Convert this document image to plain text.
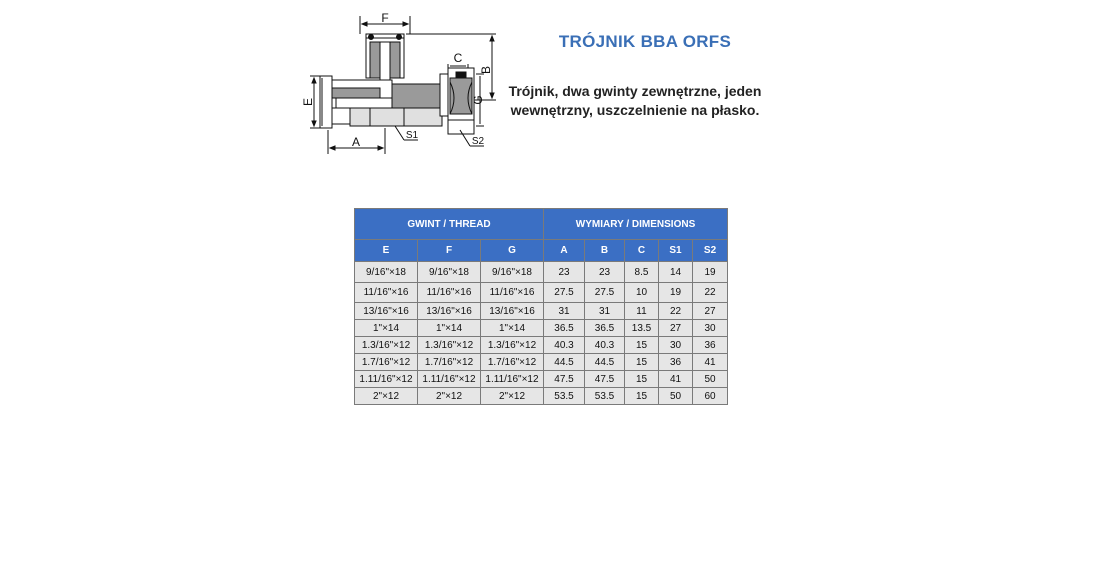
F
C
B
G
E
A	S1
S2
TRÓJNIK BBA ORFS
Trójnik, dwa gwinty zewnętrzne, jeden
wewnętrzny, uszczelnienie na płasko.
GWINT / THREAD			WYMIARY / DIMENSIONS				
E	F	G	A	B	C	S1	S2
9/16"×18	9/16"×18	9/16"×18	23	23	8.5	14	19
11/16"×16	11/16"×16	11/16"×16	27.5	27.5	10	19	22
13/16"×16	13/16"×16	13/16"×16	31	31	11	22	27
1"×14	1"×14	1"×14	36.5	36.5	13.5	27	30
1.3/16"×12	1.3/16"×12	1.3/16"×12	40.3	40.3	15	30	36
1.7/16"×12	1.7/16"×12	1.7/16"×12	44.5	44.5	15	36	41
1.11/16"×12	1.11/16"×12	1.11/16"×12	47.5	47.5	15	41	50
2"×12	2"×12	2"×12	53.5	53.5	15	50	60
